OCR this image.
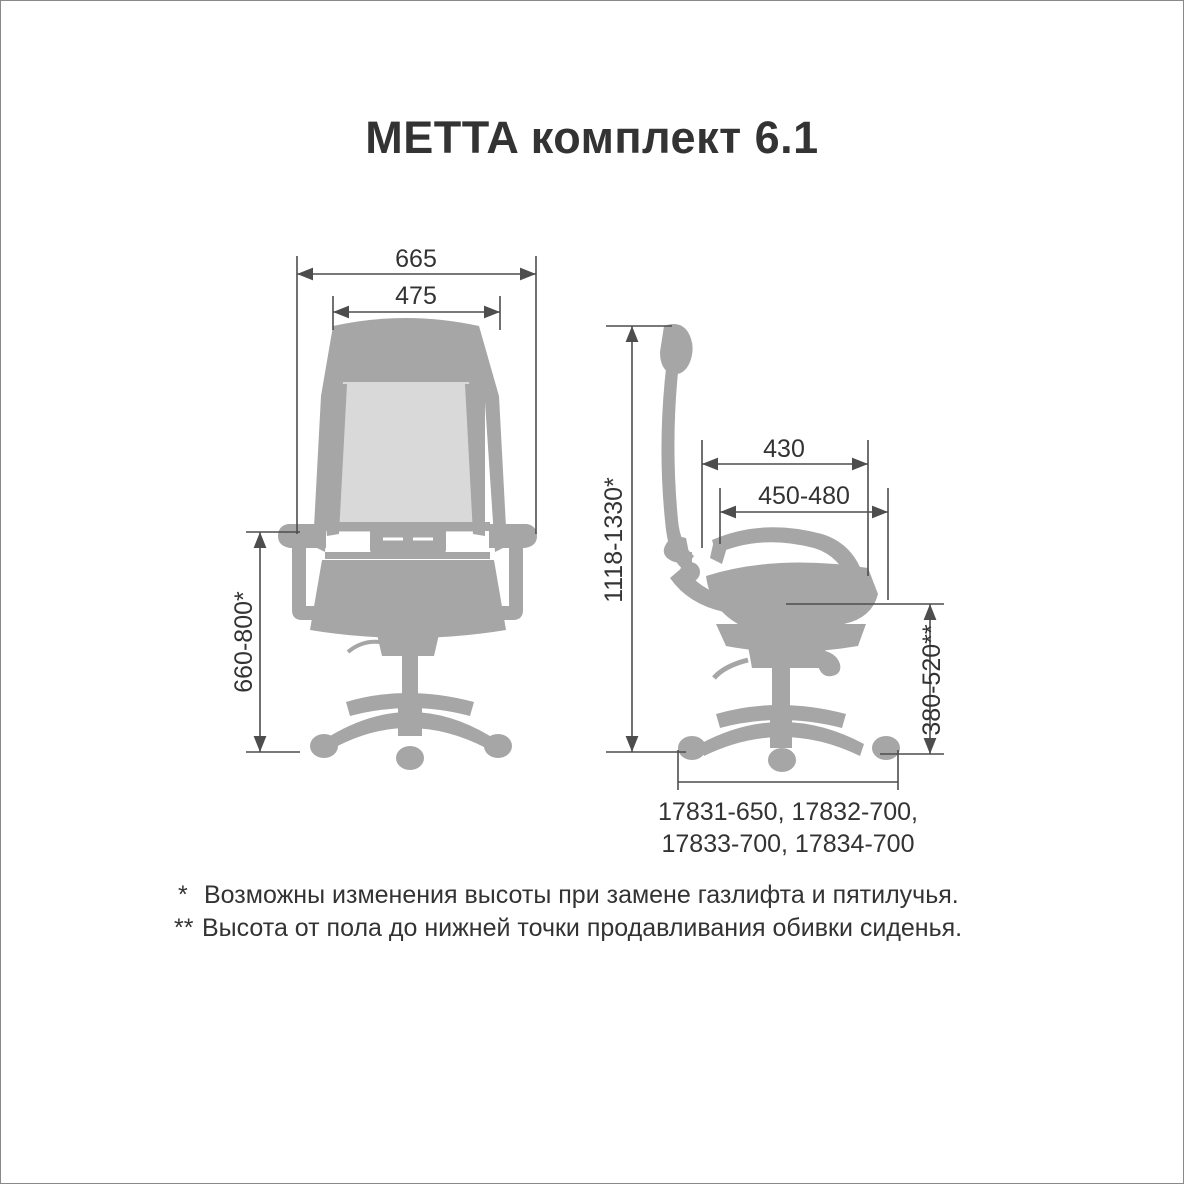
METTA комплект 6.1
665
475
660-800*
1118-1330*
430
450-480
380-520**
17831-650, 17832-700,
17833-700, 17834-700
* Возможны изменения высоты при замене газлифта и пятилучья.
** Высота от пола до нижней точки продавливания обивки сиденья.
